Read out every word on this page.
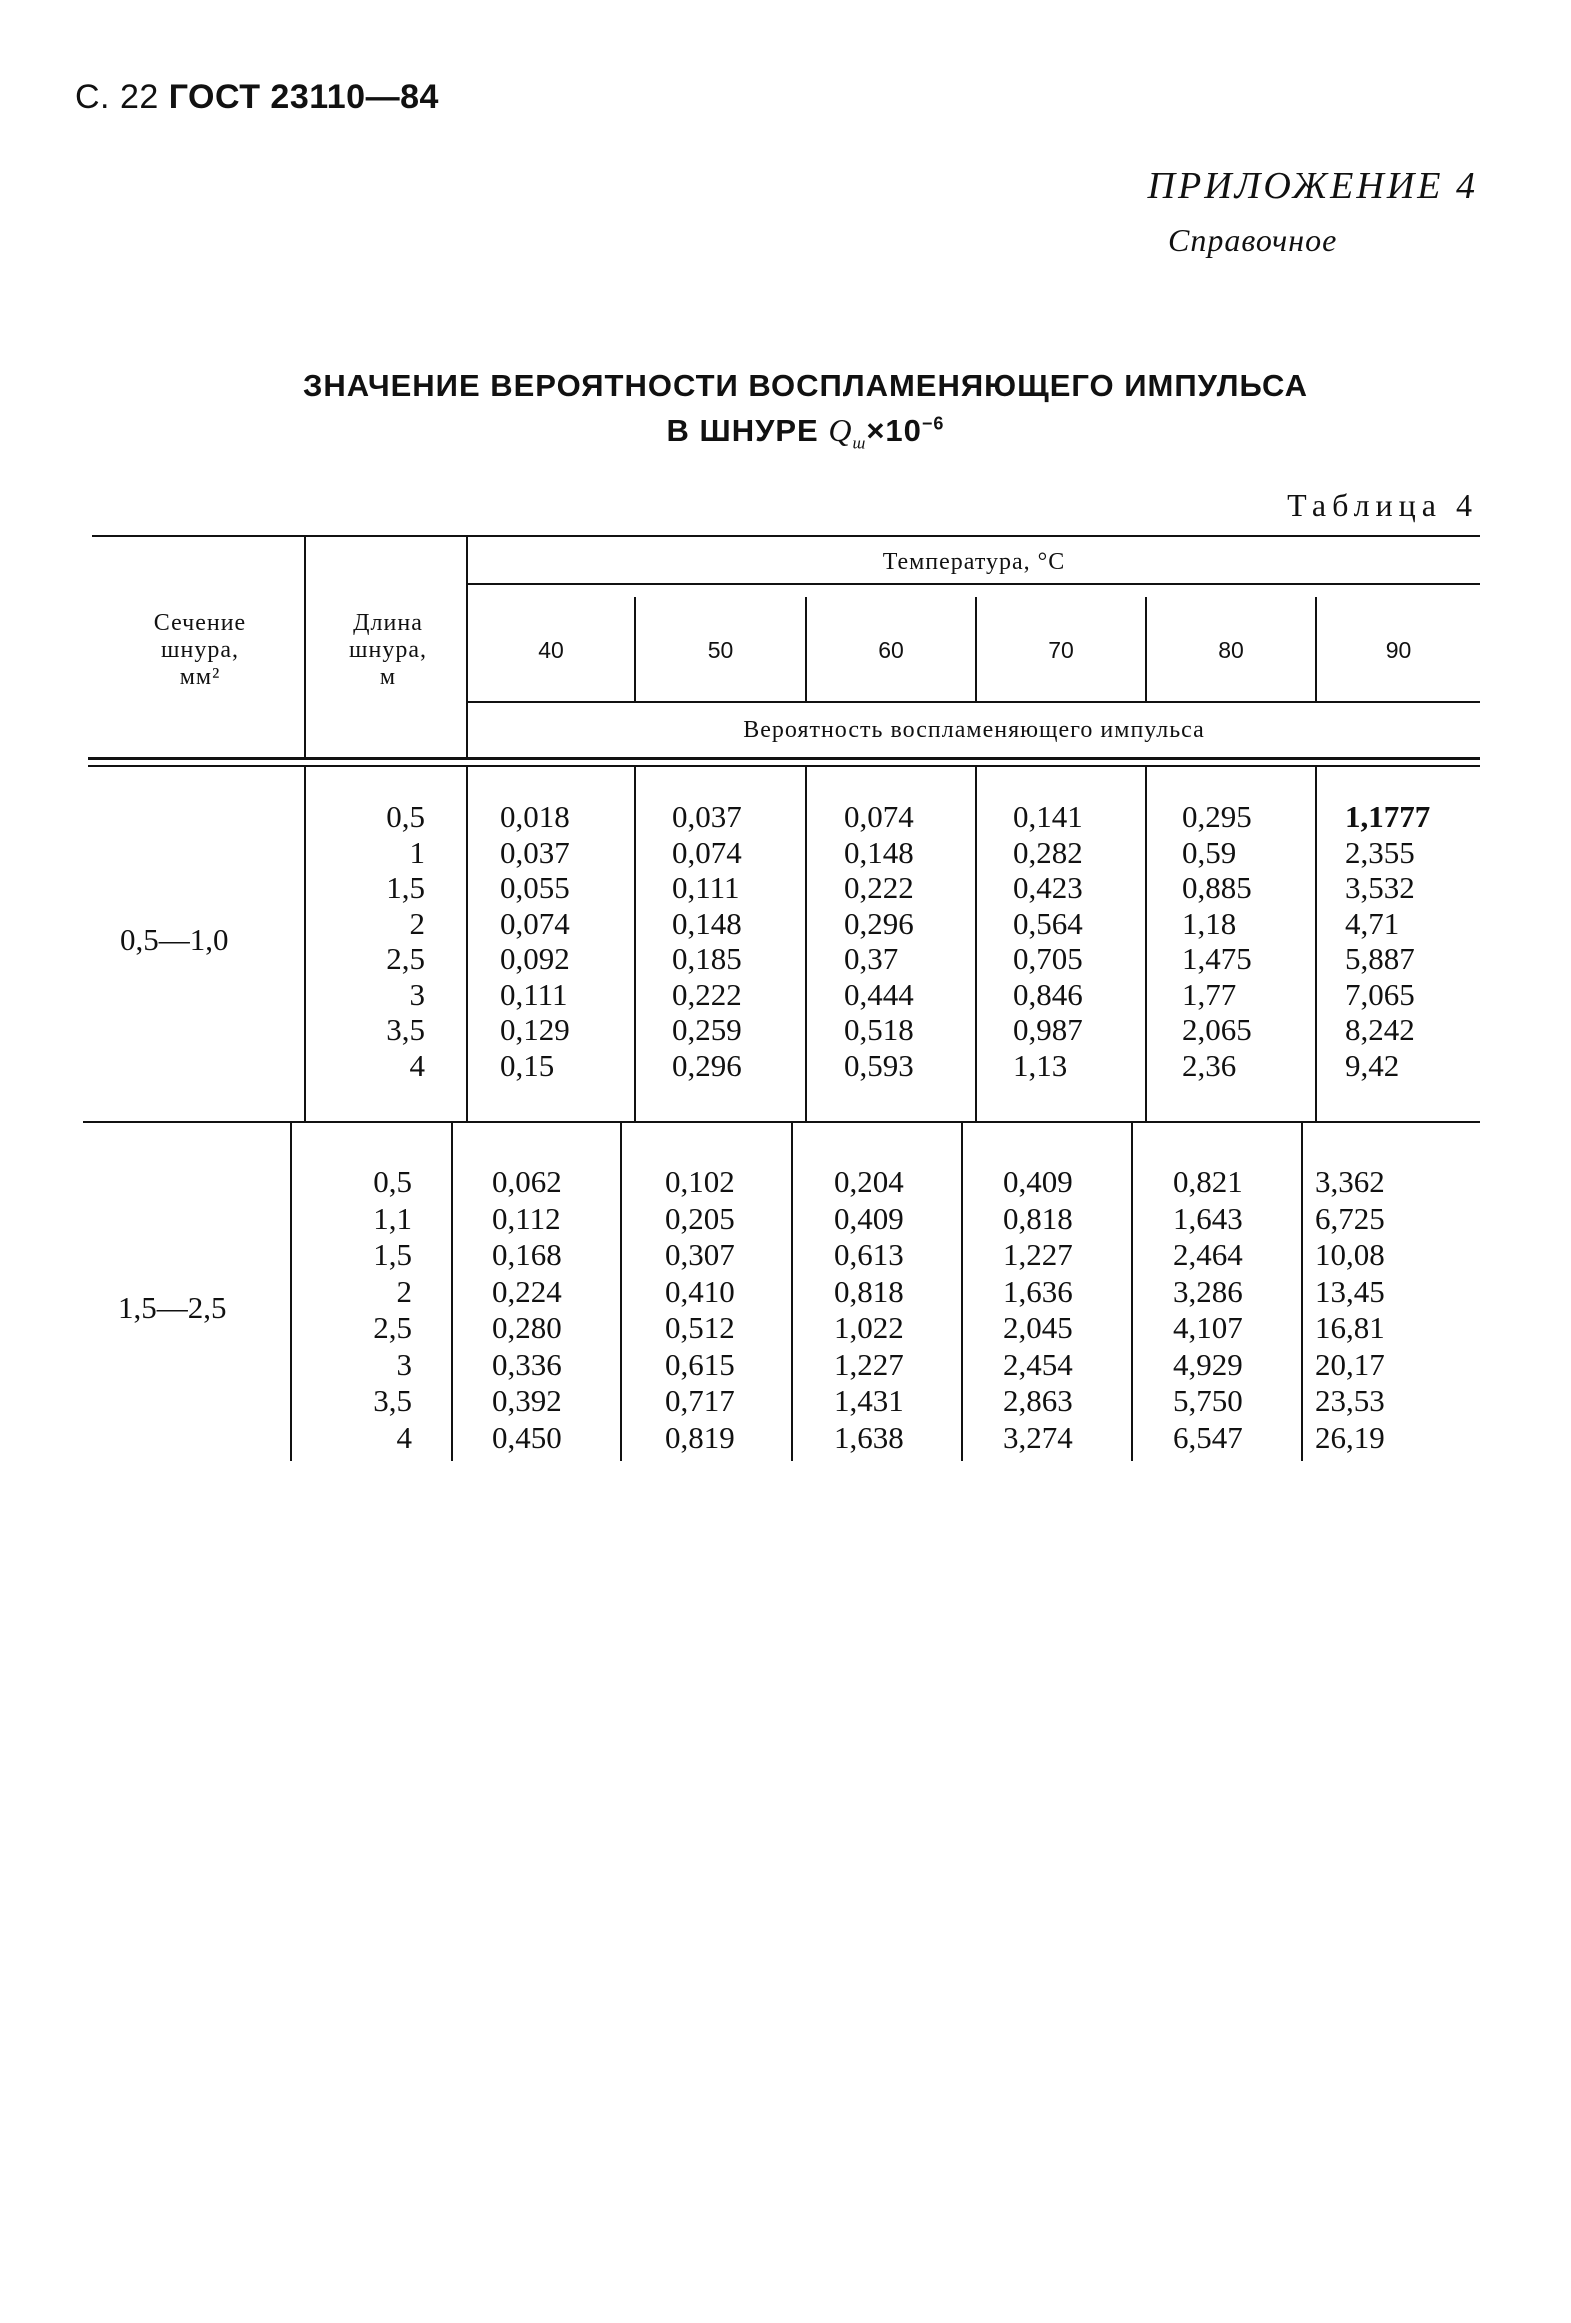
С. 22 ГОСТ 23110—84
ПРИЛОЖЕНИЕ 4
Справочное
ЗНАЧЕНИЕ ВЕРОЯТНОСТИ ВОСПЛАМЕНЯЮЩЕГО ИМПУЛЬСА
В ШНУРЕ $Q_ш\times 10^{-6}$
Таблица 4
Сечение
шнура,
мм²
Длина
шнура,
м
Температура, °С
40	50	60	70	80	90
Вероятность воспламеняющего импульса
0,5—1,0
0,5 0,018	0,037	0,074	0,141	0,295	1,1777
1 0,037	0,074	0,148	0,282	0,59	2,355
1,5 0,055	0,111	0,222	0,423	0,885	3,532
2 0,074	0,148	0,296	0,564	1,18	4,71
2,5 0,092	0,185	0,37	0,705	1,475	5,887
3 0,111	0,222	0,444	0,846	1,77	7,065
3,5 0,129	0,259	0,518	0,987	2,065	8,242
4 0,15	0,296	0,593	1,13	2,36	9,42
1,5—2,5
0,5	0,062	0,102	0,204	0,409	0,821 3,362
1,1	0,112	0,205	0,409	0,818	1,643 6,725
1,5	0,168	0,307	0,613	1,227	2,464 10,08
2	0,224	0,410	0,818	1,636	3,286 13,45
2,5	0,280	0,512	1,022	2,045	4,107 16,81
3	0,336	0,615	1,227	2,454	4,929 20,17
3,5	0,392	0,717	1,431	2,863	5,750 23,53
4	0,450	0,819	1,638	3,274	6,547 26,19
